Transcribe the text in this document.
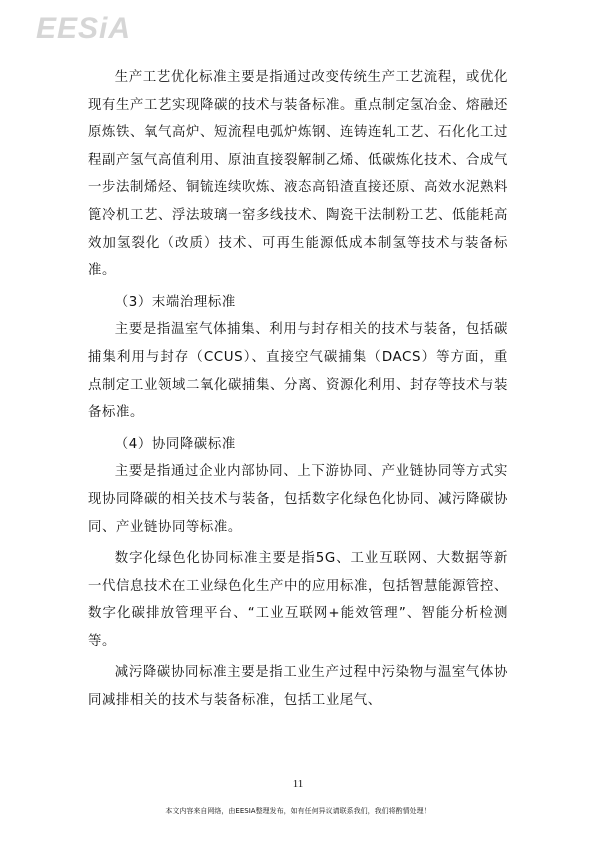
EESiA

生产工艺优化标准主要是指通过改变传统生产工艺流程，或优化现有生产工艺实现降碳的技术与装备标准。重点制定氢冶金、熔融还原炼铁、氧气高炉、短流程电弧炉炼钢、连铸连轧工艺、石化化工过程副产氢气高值利用、原油直接裂解制乙烯、低碳炼化技术、合成气一步法制烯烃、铜锍连续吹炼、液态高铅渣直接还原、高效水泥熟料篦冷机工艺、浮法玻璃一窑多线技术、陶瓷干法制粉工艺、低能耗高效加氢裂化（改质）技术、可再生能源低成本制氢等技术与装备标准。

（3）末端治理标准

主要是指温室气体捕集、利用与封存相关的技术与装备，包括碳捕集利用与封存（CCUS）、直接空气碳捕集（DACS）等方面，重点制定工业领域二氧化碳捕集、分离、资源化利用、封存等技术与装备标准。

（4）协同降碳标准

主要是指通过企业内部协同、上下游协同、产业链协同等方式实现协同降碳的相关技术与装备，包括数字化绿色化协同、减污降碳协同、产业链协同等标准。

数字化绿色化协同标准主要是指5G、工业互联网、大数据等新一代信息技术在工业绿色化生产中的应用标准，包括智慧能源管控、数字化碳排放管理平台、“工业互联网+能效管理”、智能分析检测等。

减污降碳协同标准主要是指工业生产过程中污染物与温室气体协同减排相关的技术与装备标准，包括工业尾气、

11
本文内容来自网络，由EESIA整理发布，如有任何异议请联系我们，我们将酌情处理！
